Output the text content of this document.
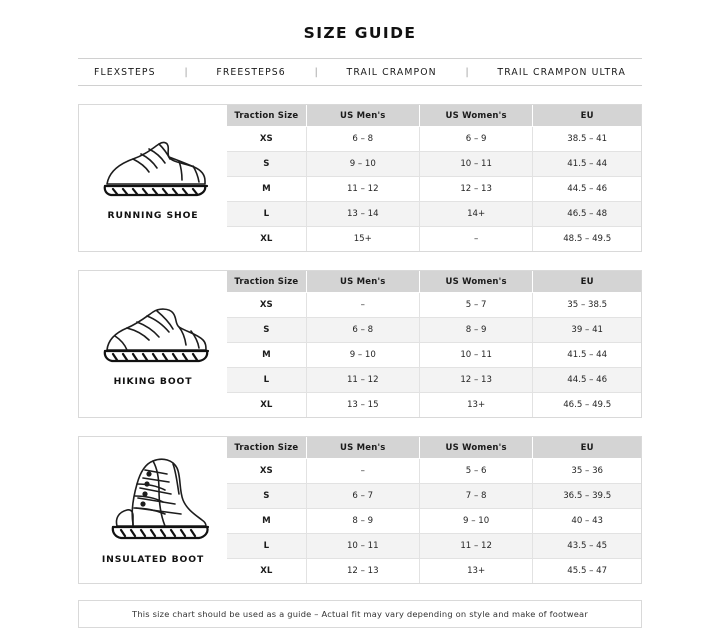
SIZE GUIDE
FLEXSTEPS	|	FREESTEPS6	|	TRAIL CRAMPON	|	TRAIL CRAMPON ULTRA
RUNNING SHOE
Traction Size	US Men's	US Women's	EU
XS	6 – 8	6 – 9	38.5 – 41
S	9 – 10	10 – 11	41.5 – 44
M	11 – 12	12 – 13	44.5 – 46
L	13 – 14	14+	46.5 – 48
XL	15+	–	48.5 – 49.5
HIKING BOOT
Traction Size	US Men's	US Women's	EU
XS	–	5 – 7	35 – 38.5
S	6 – 8	8 – 9	39 – 41
M	9 – 10	10 – 11	41.5 – 44
L	11 – 12	12 – 13	44.5 – 46
XL	13 – 15	13+	46.5 – 49.5
INSULATED BOOT
Traction Size	US Men's	US Women's	EU
XS	–	5 – 6	35 – 36
S	6 – 7	7 – 8	36.5 – 39.5
M	8 – 9	9 – 10	40 – 43
L	10 – 11	11 – 12	43.5 – 45
XL	12 – 13	13+	45.5 – 47
This size chart should be used as a guide – Actual fit may vary depending on style and make of footwear
